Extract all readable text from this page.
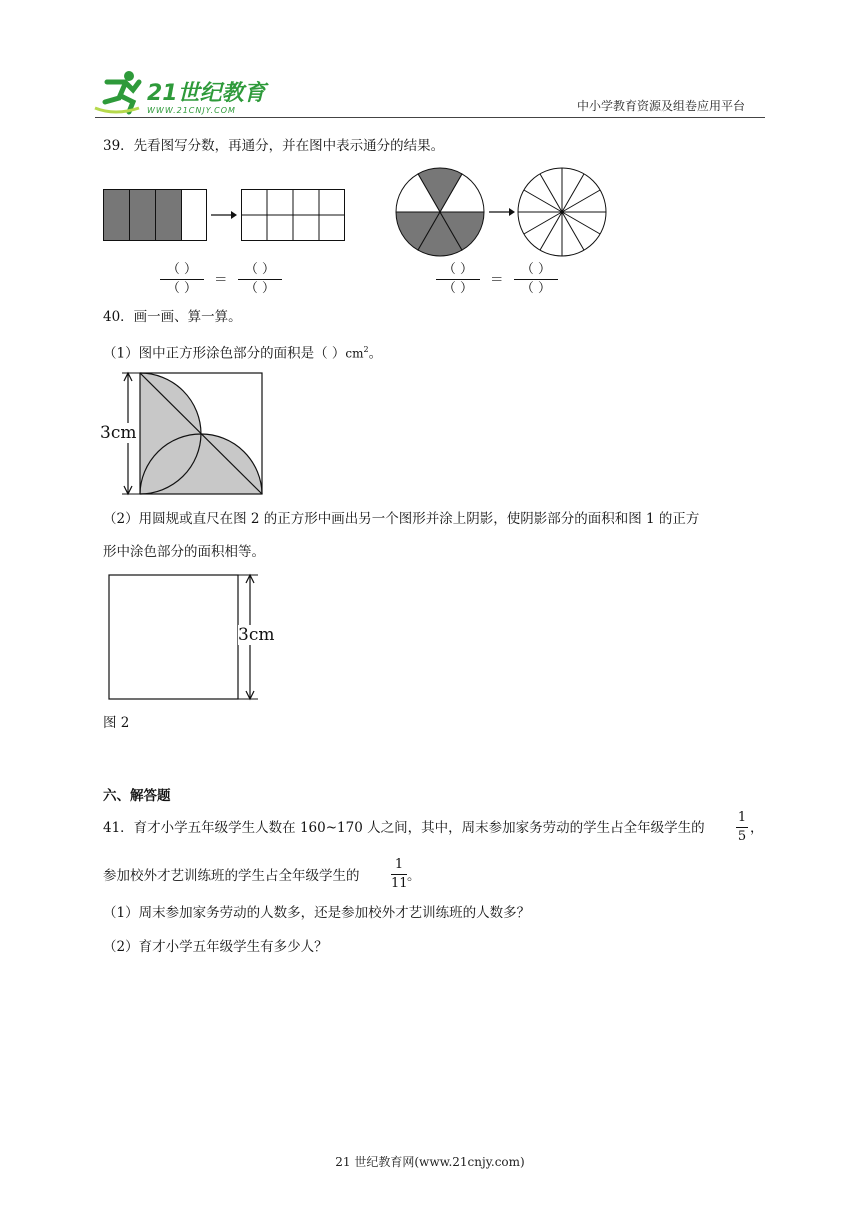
21世纪教育
WWW.21CNJY.COM	中小学教育资源及组卷应用平台
39．先看图写分数，再通分，并在图中表示通分的结果。
（ ）
（ ）
＝
（ ）
（ ）
（ ）
（ ）
＝
（ ）
（ ）
40．画一画、算一算。
（1）图中正方形涂色部分的面积是（ ）$cm^2$。
3cm
（2）用圆规或直尺在图 2 的正方形中画出另一个图形并涂上阴影，使阴影部分的面积和图 1 的正方
形中涂色部分的面积相等。
3cm
图 2
六、解答题
41．育才小学五年级学生人数在 160~170 人之间，其中，周末参加家务劳动的学生占全年级学生的
1
5
，
参加校外才艺训练班的学生占全年级学生的
1
11 。
（1）周末参加家务劳动的人数多，还是参加校外才艺训练班的人数多？
（2）育才小学五年级学生有多少人？
21 世纪教育网(www.21cnjy.com)
